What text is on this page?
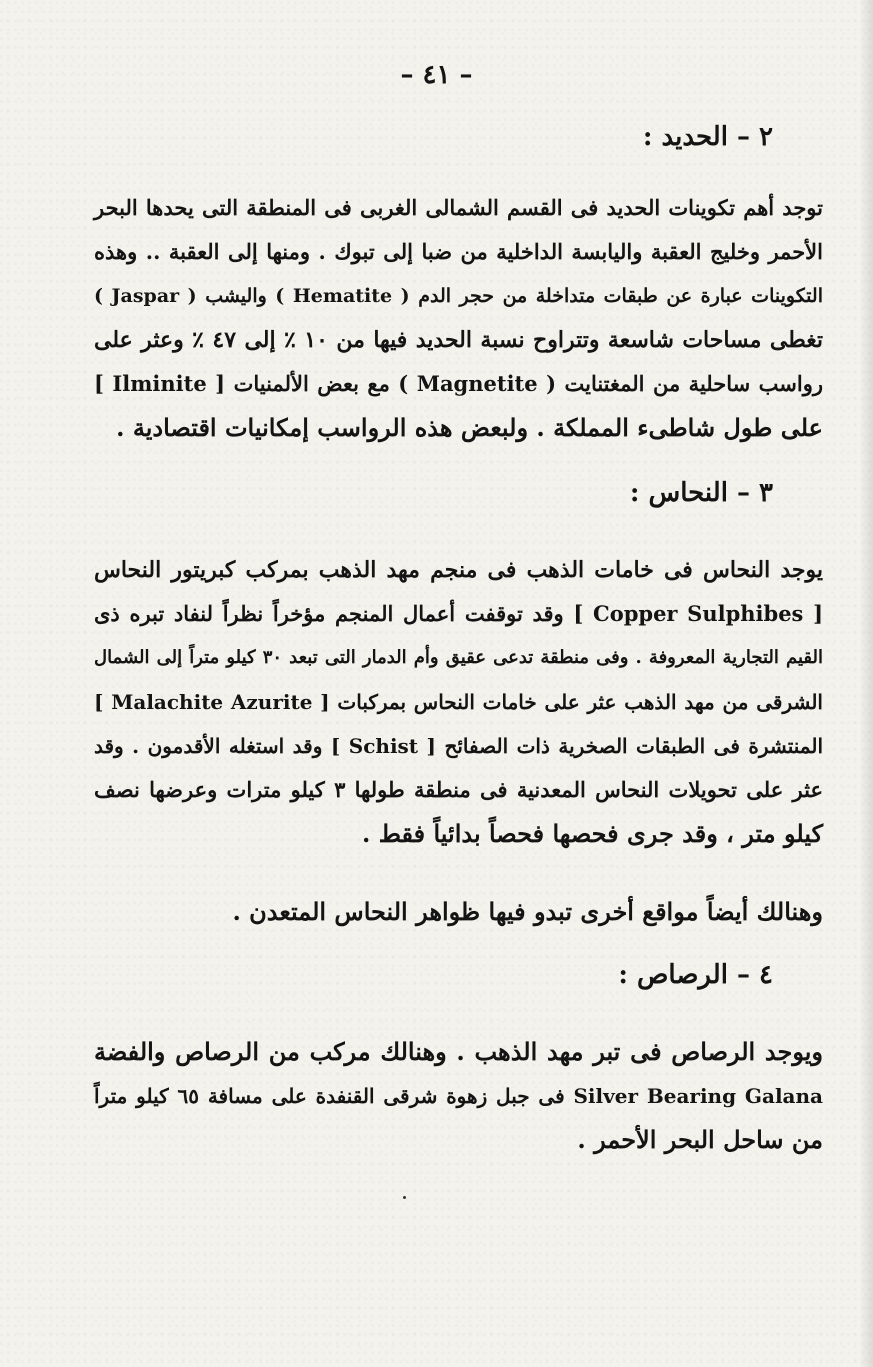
– ٤١ –
٢ – الحديد :
توجد أهم تكوينات الحديد فى القسم الشمالى الغربى فى المنطقة التى يحدها البحر
الأحمر وخليج العقبة واليابسة الداخلية من ضبا إلى تبوك . ومنها إلى العقبة .. وهذه
التكوينات عبارة عن طبقات متداخلة من حجر الدم ( Hematite ) واليشب ( Jaspar )
تغطى مساحات شاسعة وتتراوح نسبة الحديد فيها من ١٠ ٪ إلى ٤٧ ٪ وعثر على
رواسب ساحلية من المغتنايت ( Magnetite ) مع بعض الألمنيات [ Ilminite ]
على طول شاطىء المملكة . ولبعض هذه الرواسب إمكانيات اقتصادية .
٣ – النحاس :
يوجد النحاس فى خامات الذهب فى منجم مهد الذهب بمركب كبريتور النحاس
[ Copper Sulphibes ] وقد توقفت أعمال المنجم مؤخراً نظراً لنفاد تبره ذى
القيم التجارية المعروفة . وفى منطقة تدعى عقيق وأم الدمار التى تبعد ٣٠ كيلو متراً إلى الشمال
الشرقى من مهد الذهب عثر على خامات النحاس بمركبات [ Malachite Azurite ]
المنتشرة فى الطبقات الصخرية ذات الصفائح [ Schist ] وقد استغله الأقدمون . وقد
عثر على تحويلات النحاس المعدنية فى منطقة طولها ٣ كيلو مترات وعرضها نصف
كيلو متر ، وقد جرى فحصها فحصاً بدائياً فقط .
وهنالك أيضاً مواقع أخرى تبدو فيها ظواهر النحاس المتعدن .
٤ – الرصاص :
ويوجد الرصاص فى تبر مهد الذهب . وهنالك مركب من الرصاص والفضة
Silver Bearing Galana فى جبل زهوة شرقى القنفدة على مسافة ٦٥ كيلو متراً
من ساحل البحر الأحمر .
